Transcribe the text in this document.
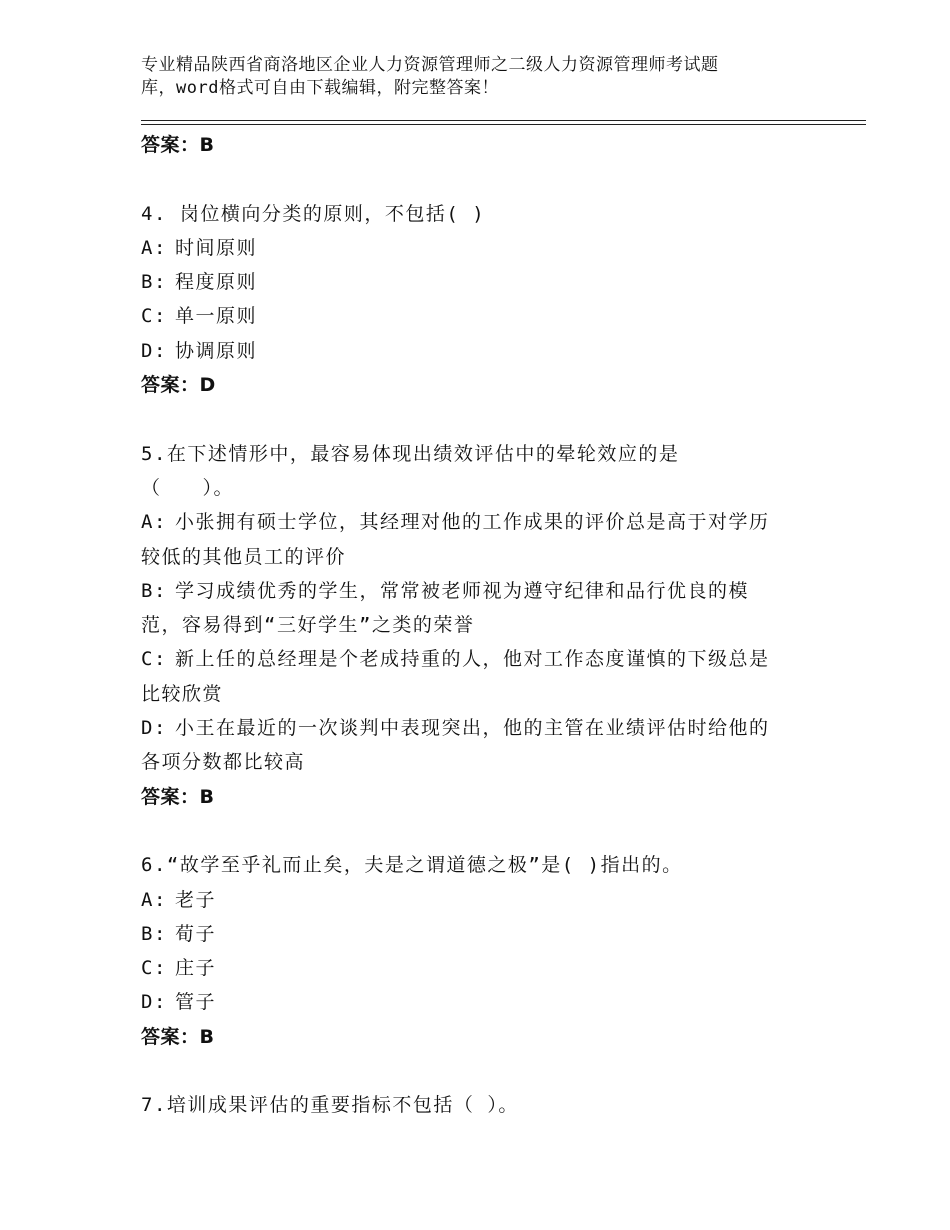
专业精品陕西省商洛地区企业人力资源管理师之二级人力资源管理师考试题
库，word格式可自由下载编辑，附完整答案！
答案：B
4. 岗位横向分类的原则，不包括( )
A: 时间原则
B: 程度原则
C: 单一原则
D: 协调原则
答案：D
5.在下述情形中，最容易体现出绩效评估中的晕轮效应的是
（　　）。
A: 小张拥有硕士学位，其经理对他的工作成果的评价总是高于对学历
较低的其他员工的评价
B: 学习成绩优秀的学生，常常被老师视为遵守纪律和品行优良的模
范，容易得到“三好学生”之类的荣誉
C: 新上任的总经理是个老成持重的人，他对工作态度谨慎的下级总是
比较欣赏
D: 小王在最近的一次谈判中表现突出，他的主管在业绩评估时给他的
各项分数都比较高
答案：B
6.“故学至乎礼而止矣，夫是之谓道德之极”是( )指出的。
A: 老子
B: 荀子
C: 庄子
D: 管子
答案：B
7.培训成果评估的重要指标不包括（ ）。
